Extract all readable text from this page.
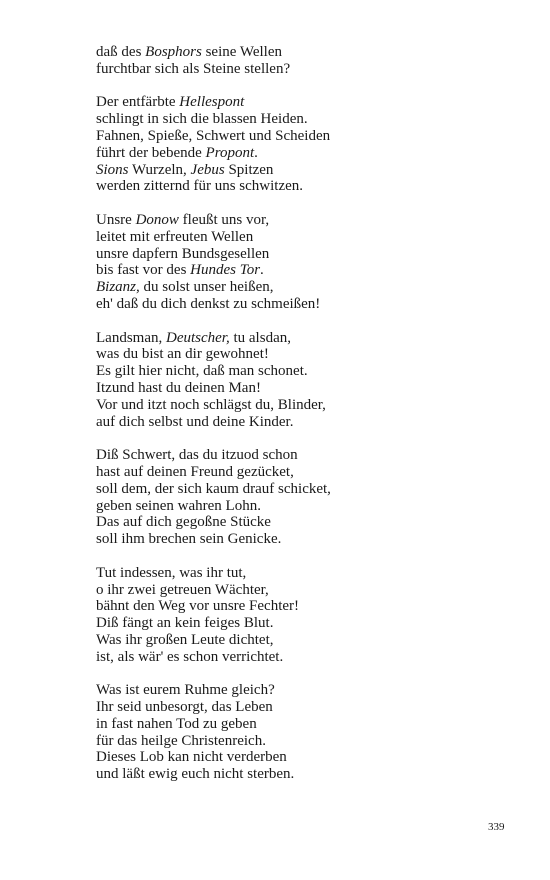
daß des Bosphors seine Wellen
furchtbar sich als Steine stellen?
Der entfärbte Hellespont
schlingt in sich die blassen Heiden.
Fahnen, Spieße, Schwert und Scheiden
führt der bebende Propont.
Sions Wurzeln, Jebus Spitzen
werden zitternd für uns schwitzen.
Unsre Donow fleußt uns vor,
leitet mit erfreuten Wellen
unsre dapfern Bundsgesellen
bis fast vor des Hundes Tor.
Bizanz, du solst unser heißen,
eh' daß du dich denkst zu schmeißen!
Landsman, Deutscher, tu alsdan,
was du bist an dir gewohnet!
Es gilt hier nicht, daß man schonet.
Itzund hast du deinen Man!
Vor und itzt noch schlägst du, Blinder,
auf dich selbst und deine Kinder.
Diß Schwert, das du itzuod schon
hast auf deinen Freund gezücket,
soll dem, der sich kaum drauf schicket,
geben seinen wahren Lohn.
Das auf dich gegoßne Stücke
soll ihm brechen sein Genicke.
Tut indessen, was ihr tut,
o ihr zwei getreuen Wächter,
bähnt den Weg vor unsre Fechter!
Diß fängt an kein feiges Blut.
Was ihr großen Leute dichtet,
ist, als wär' es schon verrichtet.
Was ist eurem Ruhme gleich?
Ihr seid unbesorgt, das Leben
in fast nahen Tod zu geben
für das heilge Christenreich.
Dieses Lob kan nicht verderben
und läßt ewig euch nicht sterben.
339
